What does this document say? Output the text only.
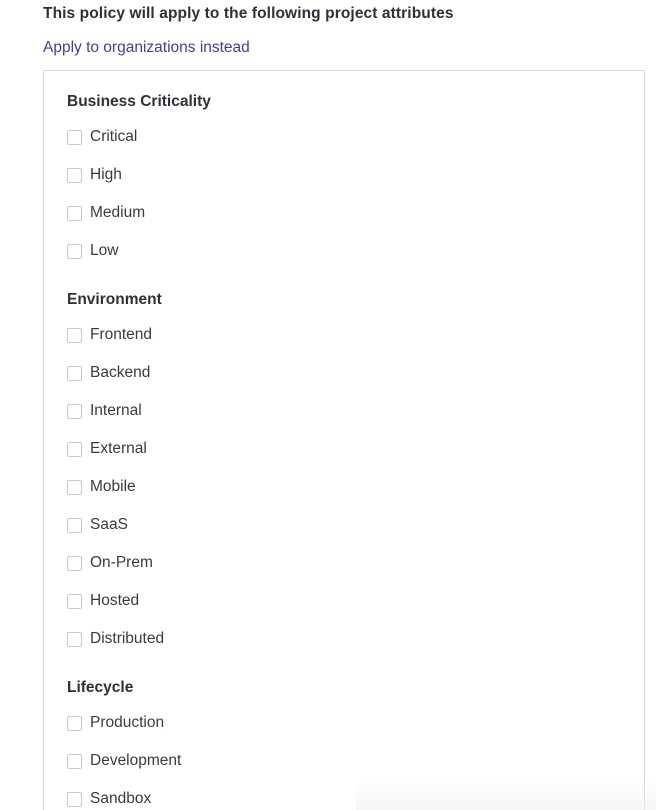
This policy will apply to the following project attributes
Apply to organizations instead
Business Criticality
Critical
High
Medium
Low
Environment
Frontend
Backend
Internal
External
Mobile
SaaS
On-Prem
Hosted
Distributed
Lifecycle
Production
Development
Sandbox
